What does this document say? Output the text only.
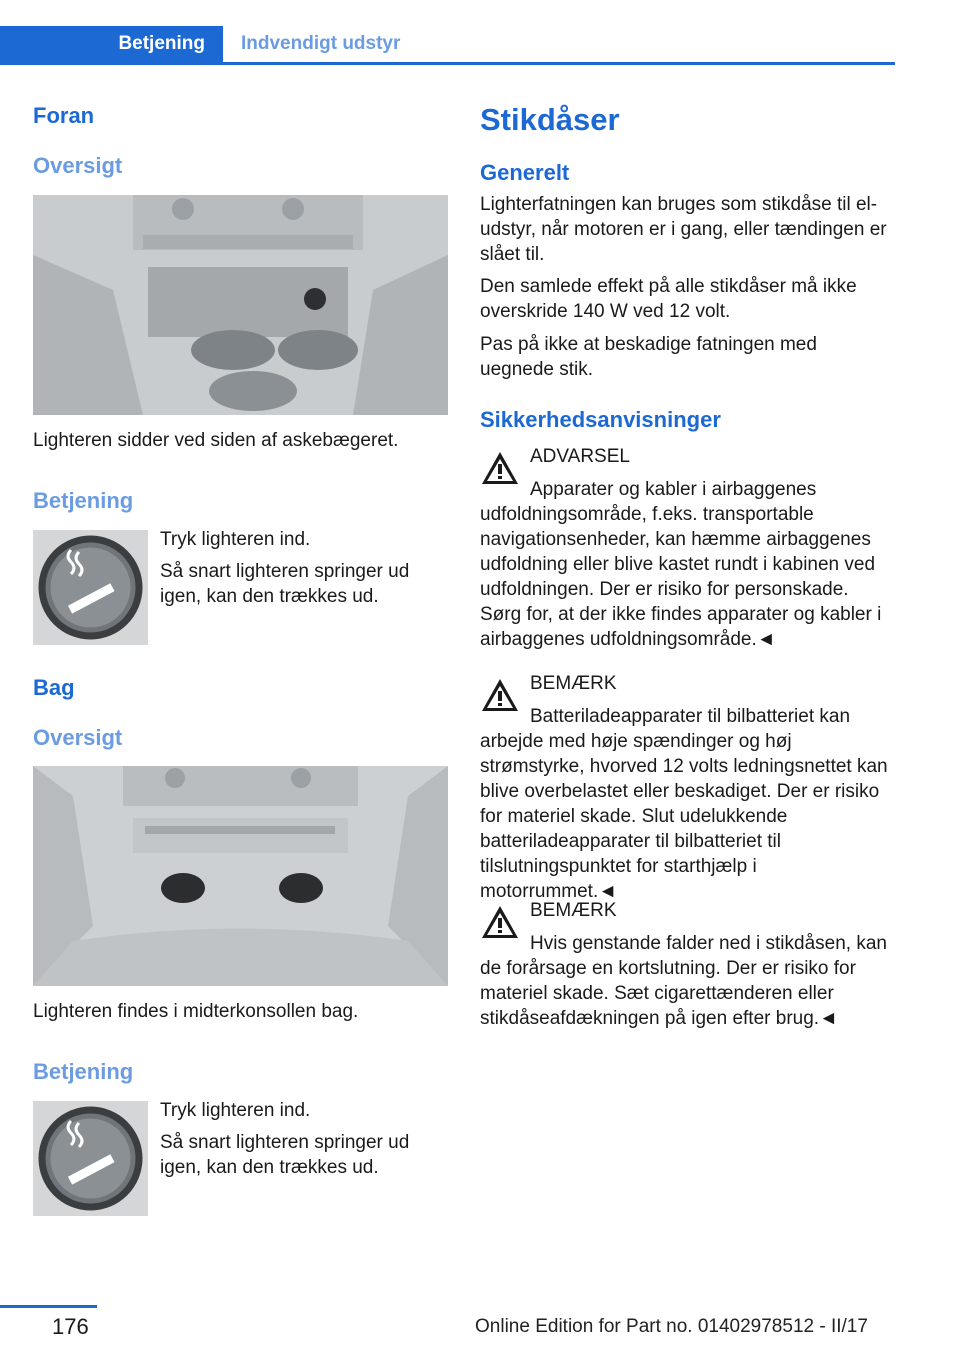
Betjening	Indvendigt udstyr
Foran
Oversigt

Lighteren sidder ved siden af askebægeret.

Betjening

Tryk lighteren ind.

Så snart lighteren springer ud igen, kan den trækkes ud.

Bag
Oversigt

Lighteren findes i midterkonsollen bag.

Betjening

Tryk lighteren ind.

Så snart lighteren springer ud igen, kan den trækkes ud.

Stikdåser
Generelt

Lighterfatningen kan bruges som stikdåse til el-udstyr, når motoren er i gang, eller tændingen er slået til.

Den samlede effekt på alle stikdåser må ikke overskride 140 W ved 12 volt.

Pas på ikke at beskadige fatningen med uegnede stik.

Sikkerhedsanvisninger
ADVARSEL

Apparater og kabler i airbaggenes udfoldningsområde, f.eks. transportable navigationsenheder, kan hæmme airbaggenes udfoldning eller blive kastet rundt i kabinen ved udfoldningen. Der er risiko for personskade. Sørg for, at der ikke findes apparater og kabler i airbaggenes udfoldningsområde.◄

BEMÆRK

Batteriladeapparater til bilbatteriet kan arbejde med høje spændinger og høj strømstyrke, hvorved 12 volts ledningsnettet kan blive overbelastet eller beskadiget. Der er risiko for materiel skade. Slut udelukkende batteriladeapparater til bilbatteriet til tilslutningspunktet for starthjælp i motorrummet.◄

BEMÆRK

Hvis genstande falder ned i stikdåsen, kan de forårsage en kortslutning. Der er risiko for materiel skade. Sæt cigarettænderen eller stikdåseafdækningen på igen efter brug.◄

176	Online Edition for Part no. 01402978512 - II/17
